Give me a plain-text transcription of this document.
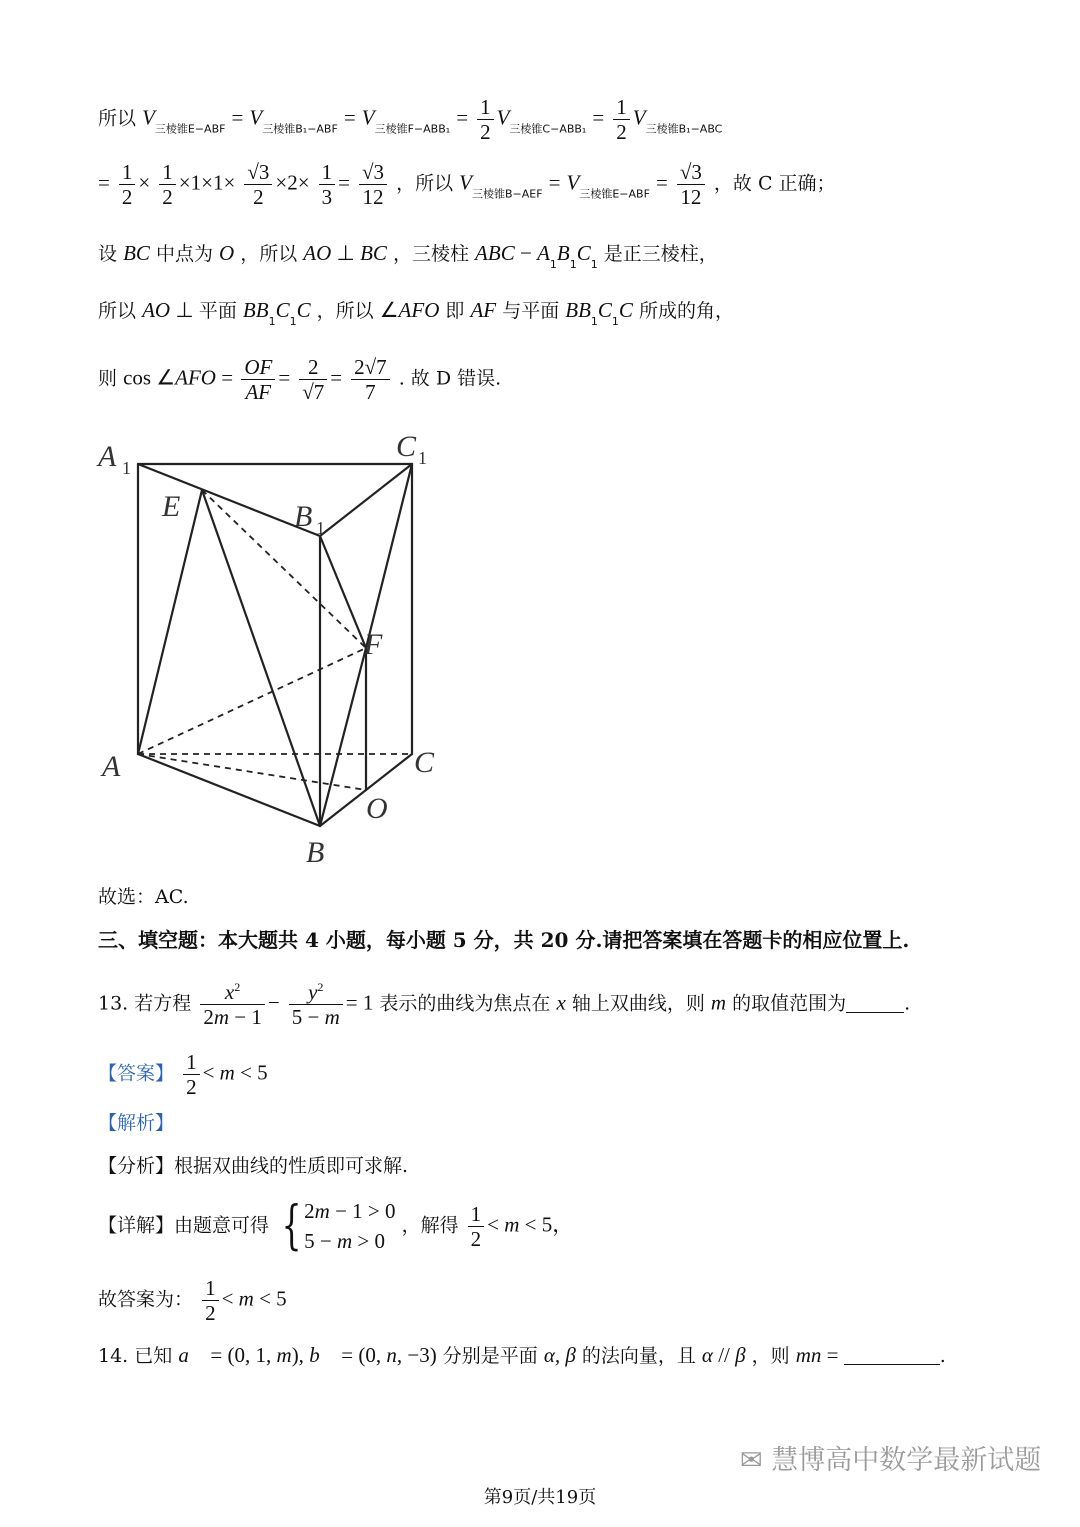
所以 $V_{三棱锥E-ABF} = V_{三棱锥B_1-ABF} = V_{三棱锥F-ABB_1} = \frac{1}{2} V_{三棱锥C-ABB_1} = \frac{1}{2} V_{三棱锥B_1-ABC}$
= $\frac{1}{2} \times \frac{1}{2} \times 1\times 1\times \frac{√3}{2} \times 2\times \frac{1}{3} = \frac{√3}{12}$ ，所以 $V_{三棱锥B-AEF} = V_{三棱锥E-ABF} = \frac{√3}{12}$ ，故 C 正确；
设 BC 中点为 O ，所以 AO ⊥ BC ，三棱柱 ABC − $A_1B_1C_1$ 是正三棱柱，
所以 AO ⊥ 平面 $BB_1C_1C$ ，所以 ∠AFO 即 AF 与平面 $BB_1C_1C$ 所成的角，
则 cos ∠AFO = $\frac{OF}{AF} = \frac{2}{√7} = \frac{2√7}{7}$ . 故 D 错误.
A 1
C 1
E	B 1
F
A	C
O
B
故选：AC.
三、填空题：本大题共 4 小题，每小题 5 分，共 20 分.请把答案填在答题卡的相应位置上.
13. 若方程 $\frac{x^2}{2m - 1} - \frac{y^2}{5 - m} = 1$ 表示的曲线为焦点在 x 轴上双曲线，则 m 的取值范围为	.
【答案】 $\frac{1}{2} < m < 5$
【解析】
【分析】根据双曲线的性质即可求解.
【详解】由题意可得 { 2m − 1 > 0
5 − m > 0 ，解得 $\frac{1}{2} < m < 5$，
故答案为： $\frac{1}{2} < m < 5$
14. 已知 a⃗ = (0, 1, m), b⃗ = (0, n, −3) 分别是平面 α, β 的法向量，且 α // β ，则 mn =	.
✉ 慧博高中数学最新试题
第9页/共19页
